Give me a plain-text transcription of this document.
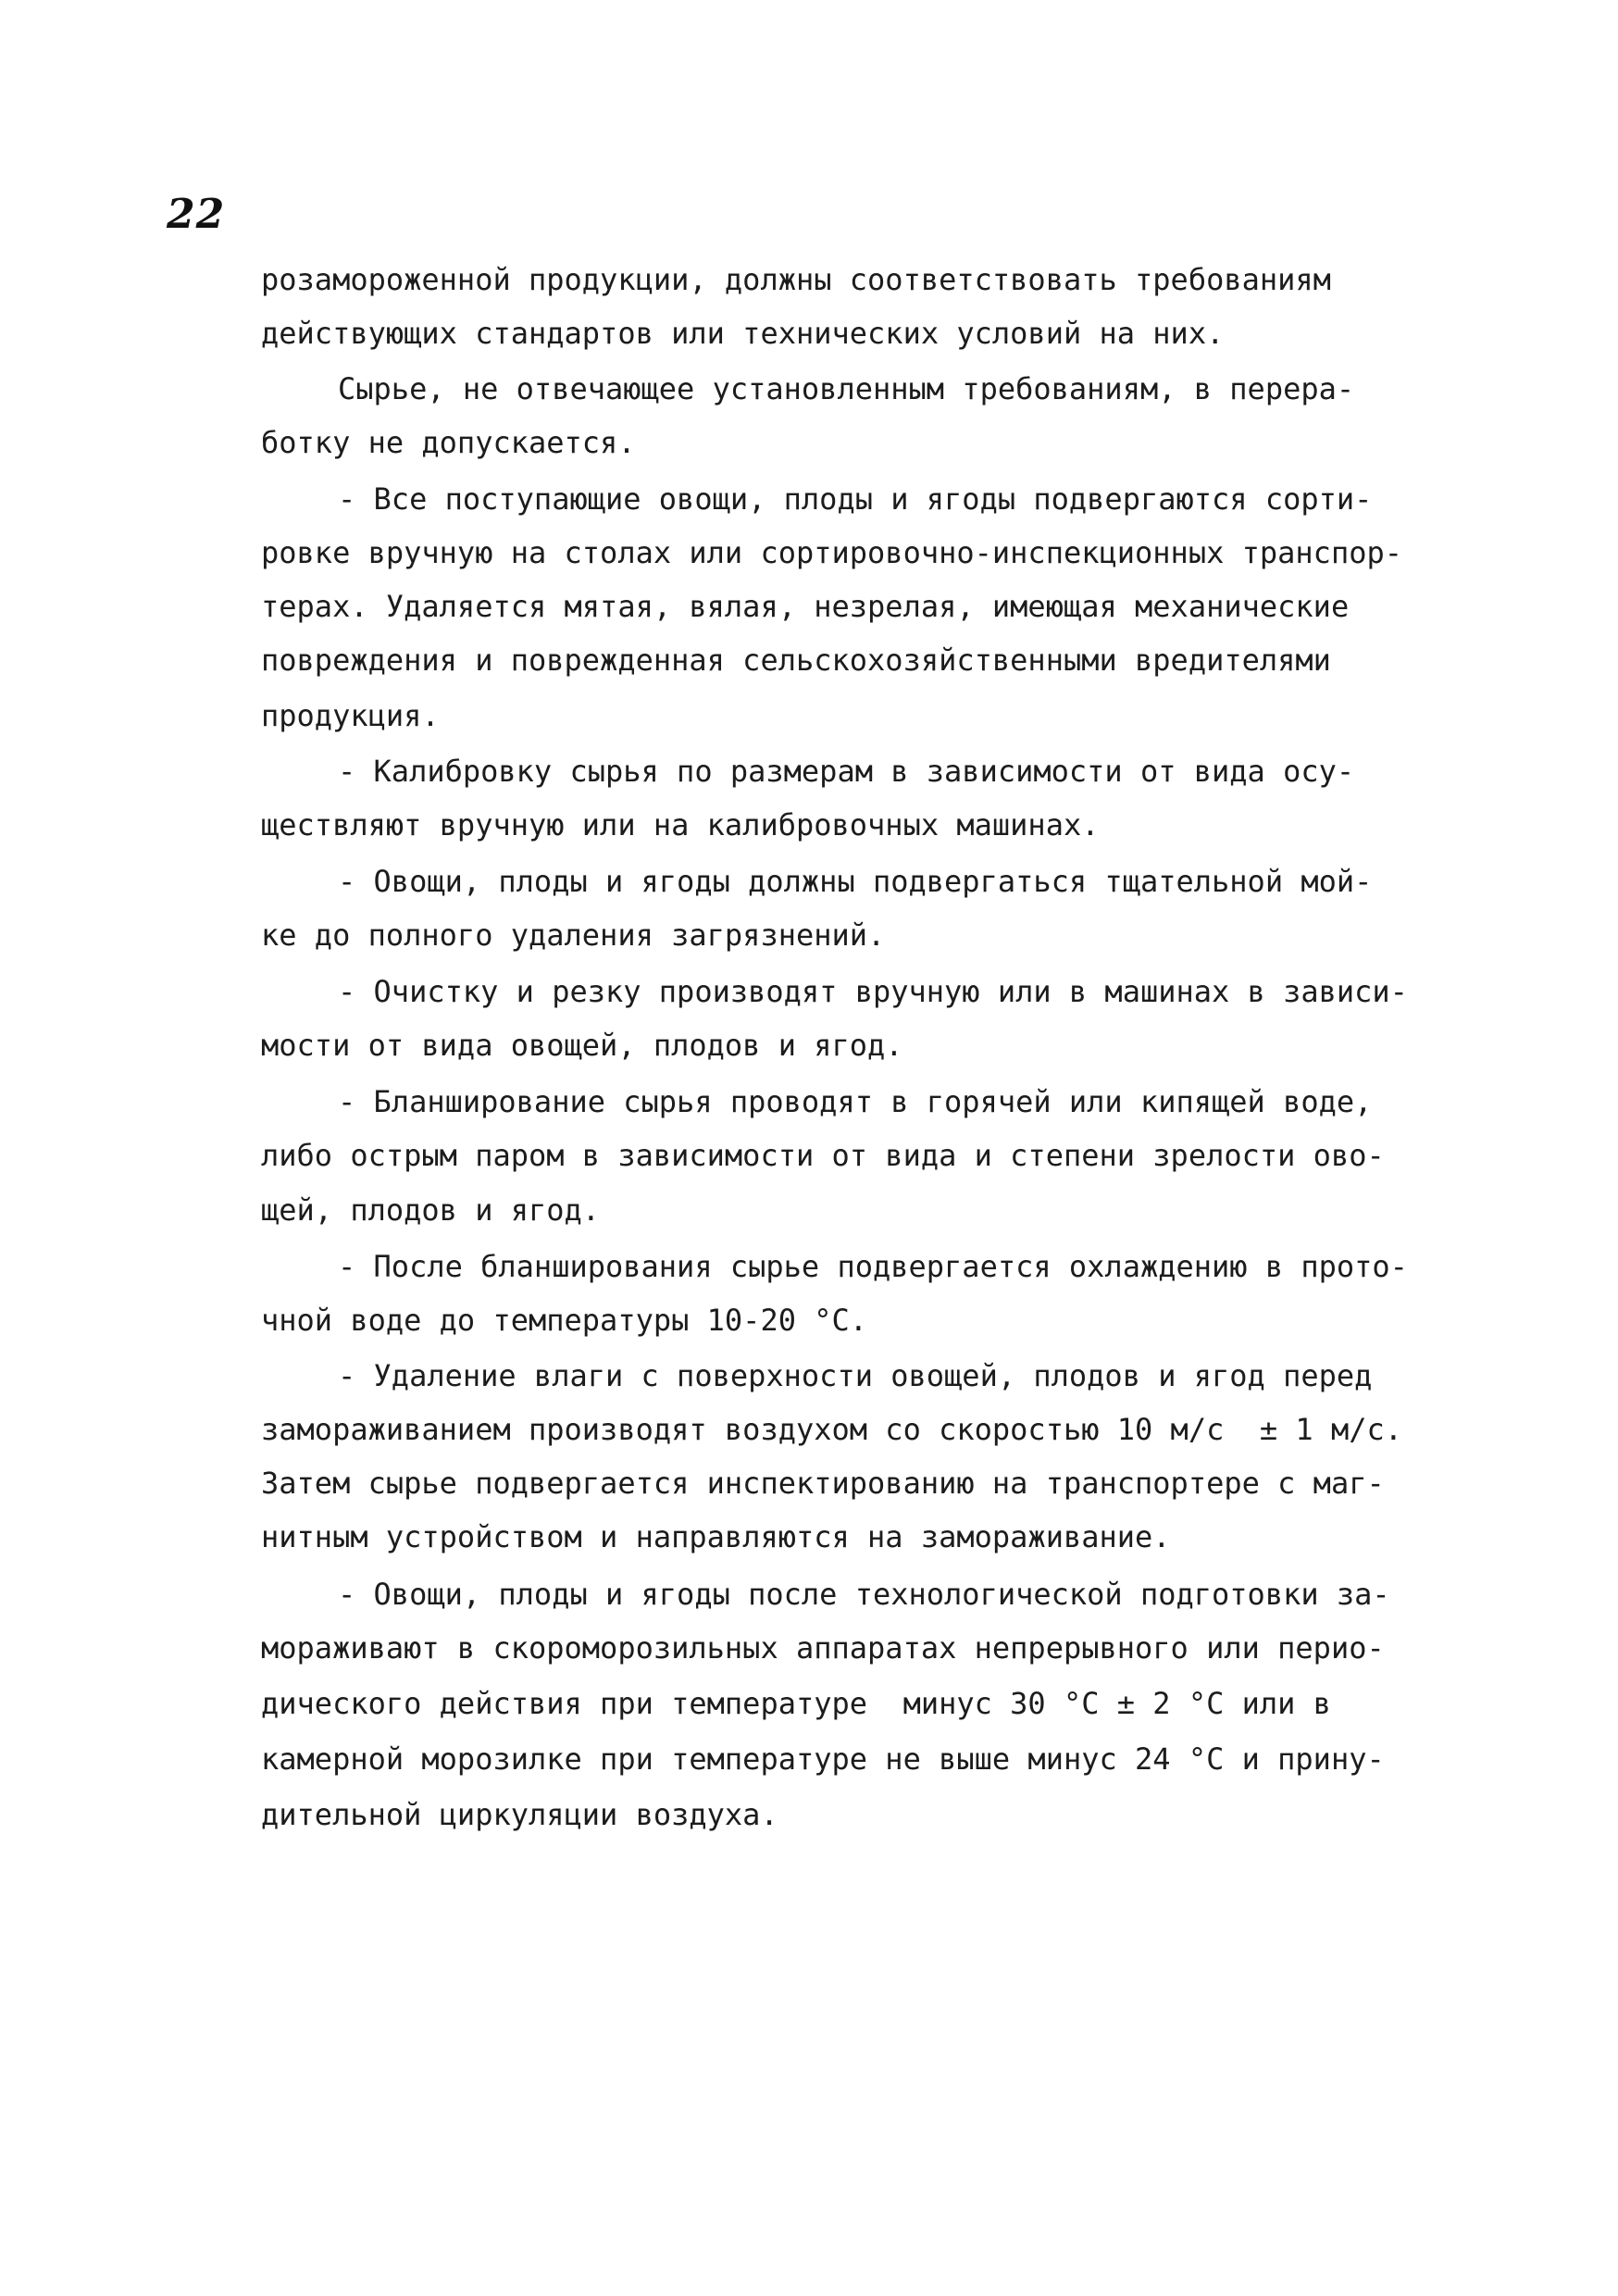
22
розамороженной продукции, должны соответствовать требованиям
действующих стандартов или технических условий на них.
Сырье, не отвечающее установленным требованиям, в перера-
ботку не допускается.
- Все поступающие овощи, плоды и ягоды подвергаются сорти-
ровке вручную на столах или сортировочно-инспекционных транспор-
терах. Удаляется мятая, вялая, незрелая, имеющая механические
повреждения и поврежденная сельскохозяйственными вредителями
продукция.
- Калибровку сырья по размерам в зависимости от вида осу-
ществляют вручную или на калибровочных машинах.
- Овощи, плоды и ягоды должны подвергаться тщательной мой-
ке до полного удаления загрязнений.
- Очистку и резку производят вручную или в машинах в зависи-
мости от вида овощей, плодов и ягод.
- Бланширование сырья проводят в горячей или кипящей воде,
либо острым паром в зависимости от вида и степени зрелости ово-
щей, плодов и ягод.
- После бланширования сырье подвергается охлаждению в прото-
чной воде до температуры 10-20 °С.
- Удаление влаги с поверхности овощей, плодов и ягод перед
замораживанием производят воздухом со скоростью 10 м/с  ± 1 м/с.
Затем сырье подвергается инспектированию на транспортере с маг-
нитным устройством и направляются на замораживание.
- Овощи, плоды и ягоды после технологической подготовки за-
мораживают в скороморозильных аппаратах непрерывного или перио-
дического действия при температуре  минус 30 °С ± 2 °С или в
камерной морозилке при температуре не выше минус 24 °С и прину-
дительной циркуляции воздуха.
